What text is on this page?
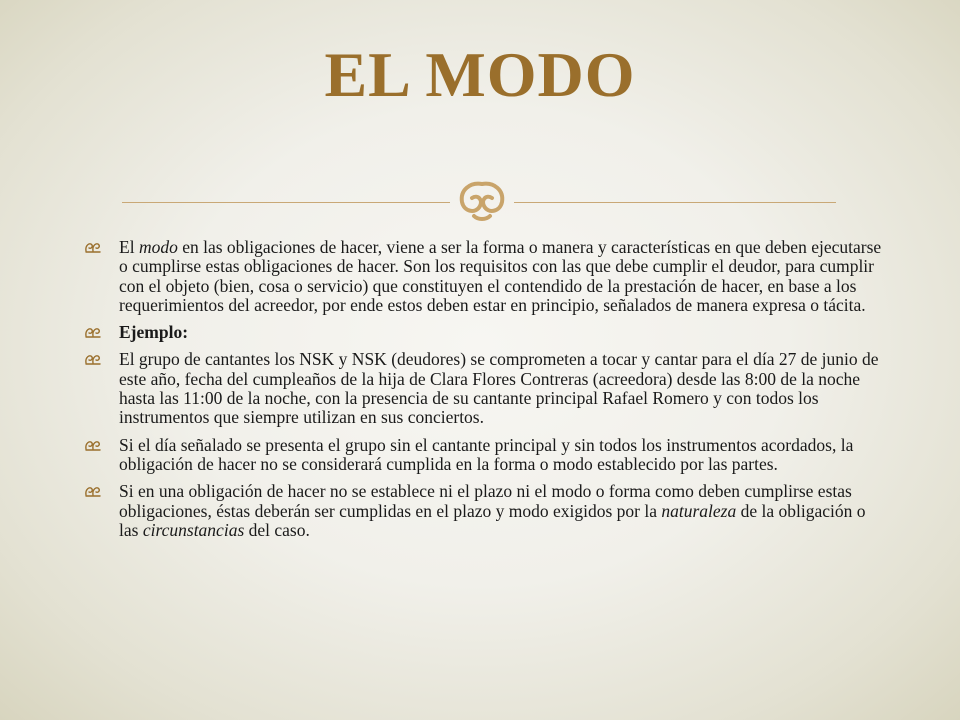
EL MODO

El modo en las obligaciones de hacer, viene a ser la forma o manera y características en que deben ejecutarse o cumplirse estas obligaciones de hacer. Son los requisitos con las que debe cumplir el deudor, para cumplir con el objeto (bien, cosa o servicio) que constituyen el contendido de la prestación de hacer, en base a los requerimientos del acreedor, por ende estos deben estar en principio, señalados de manera expresa o tácita.

Ejemplo:

El grupo de cantantes los NSK y NSK (deudores) se comprometen a tocar y cantar para el día 27 de junio de este año, fecha del cumpleaños de la hija de Clara Flores Contreras (acreedora) desde las 8:00 de la noche hasta las 11:00 de la noche, con la presencia de su cantante principal Rafael Romero y con todos los instrumentos que siempre utilizan en sus conciertos.

Si el día señalado se presenta el grupo sin el cantante principal y sin todos los instrumentos acordados, la obligación de hacer no se considerará cumplida en la forma o modo establecido por las partes.

Si en una obligación de hacer no se establece ni el plazo ni el modo o forma como deben cumplirse estas obligaciones, éstas deberán ser cumplidas en el plazo y modo exigidos por la naturaleza de la obligación o las circunstancias del caso.
